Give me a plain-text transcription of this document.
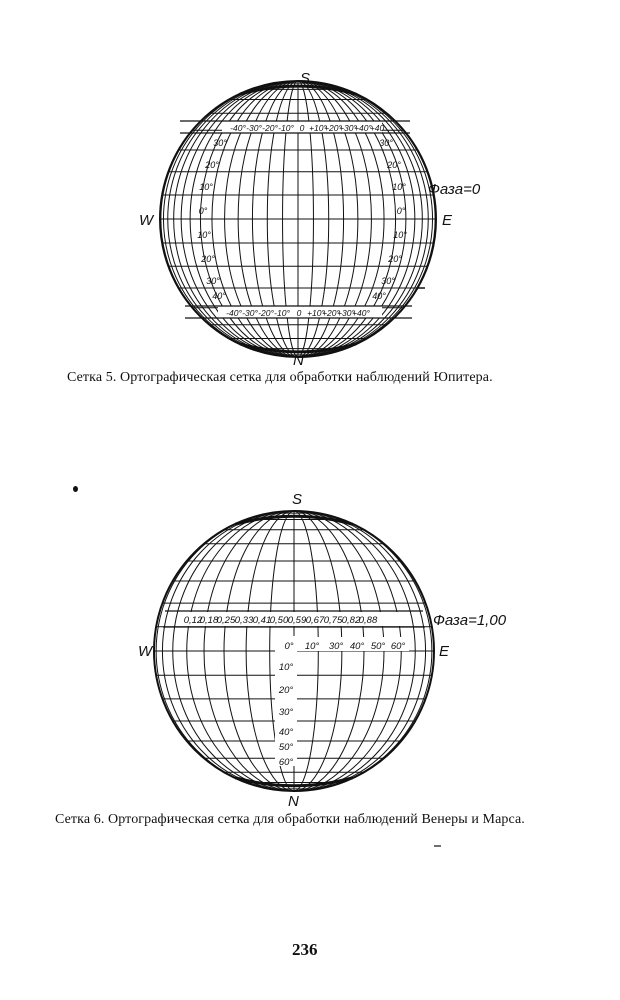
-40° -30° -20° -10° 0 +10°
+20°
+30°
+40°
+40
-40° -30° -20° -10° 0 +10°
+20°
+30°
+40°
30°
20°
10°
0°
10°
20°
30°
40°
30°
20°
10°
0°
10°
20°
30°
40°
S
N
W	E
Фаза=0
Сетка 5. Ортографическая сетка для обработки наблюдений Юпитера.
0,12
0,18
0,25 0,33 0,41
0,50 0,59 0,67 0,75 0,82
0,88
0° 10° 30° 40° 50° 60°
10°
20°
30°
40°
50°
60°
S
N
W	E
Фаза=1,00
Сетка 6. Ортографическая сетка для обработки наблюдений Венеры и Марса.
236
